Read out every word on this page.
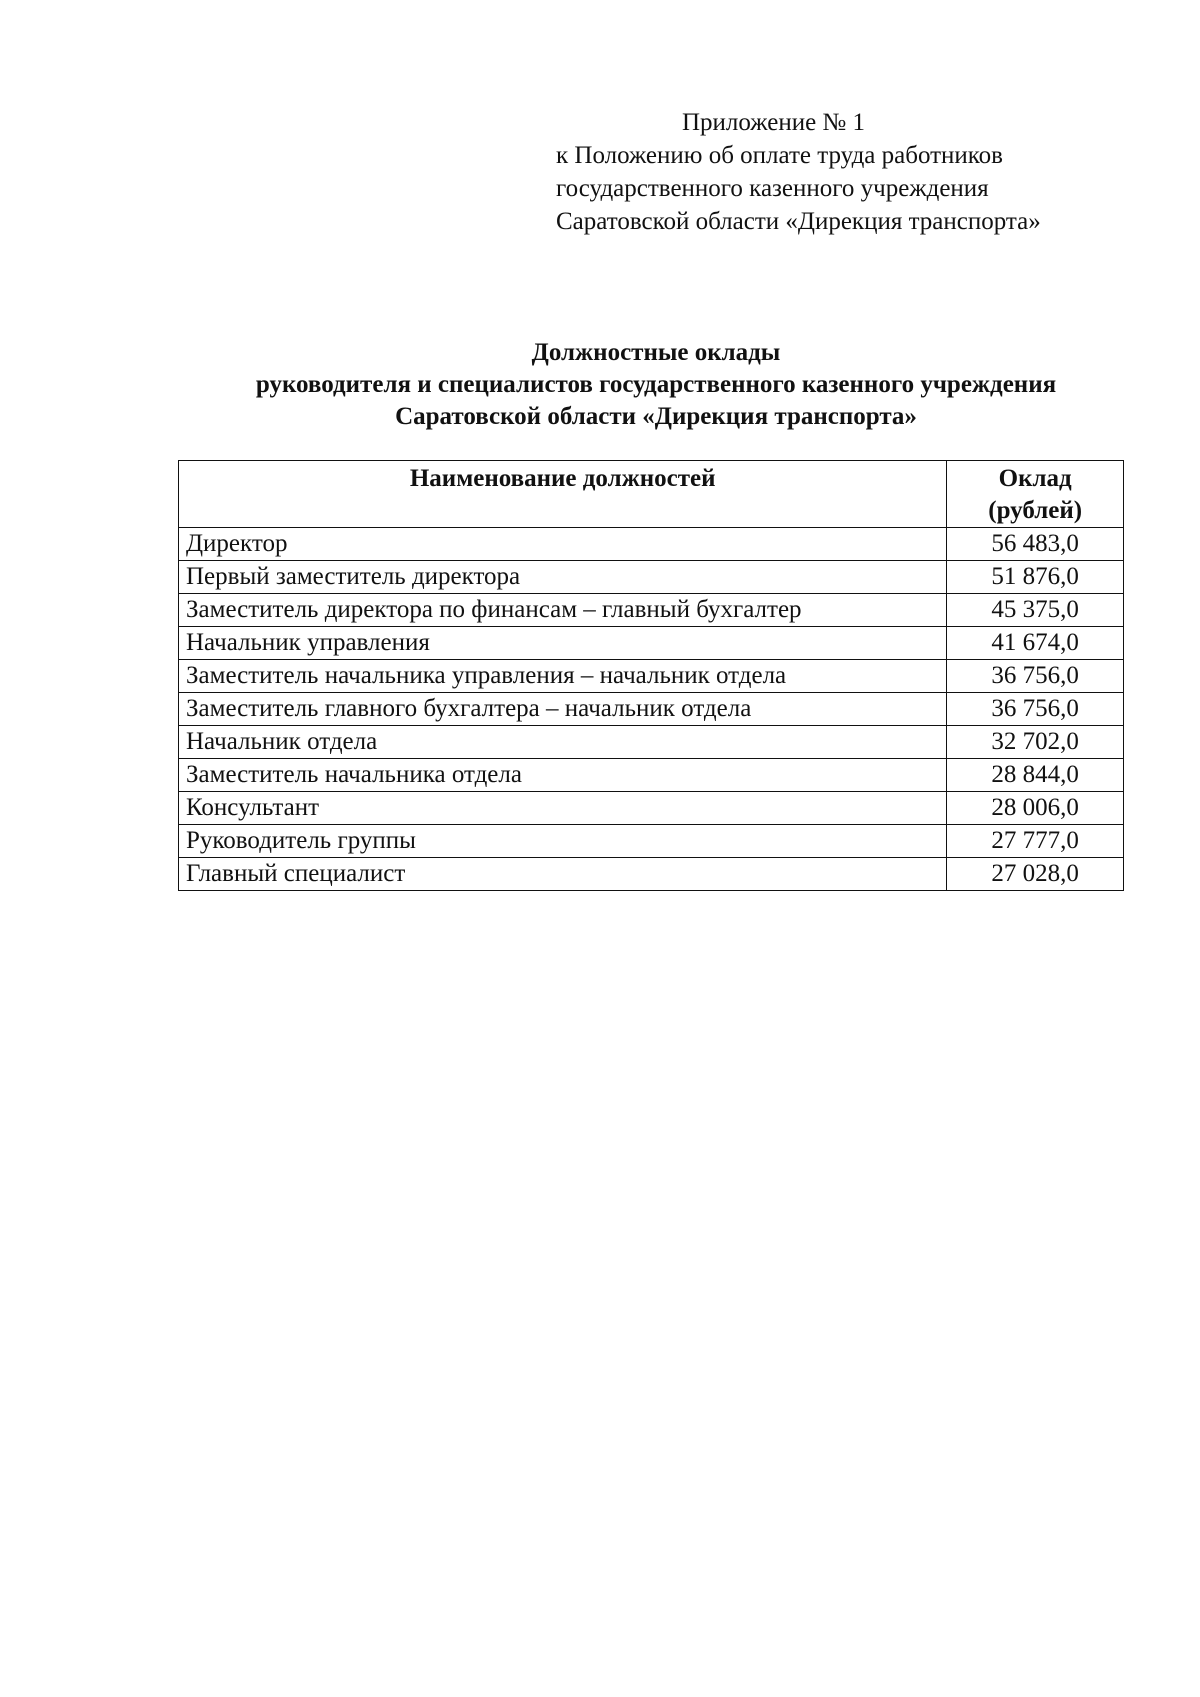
Приложение № 1
к Положению об оплате труда работников
государственного казенного учреждения
Саратовской области «Дирекция транспорта»
Должностные оклады
руководителя и специалистов государственного казенного учреждения
Саратовской области «Дирекция транспорта»
Наименование должностей	Оклад
(рублей)

Директор	56 483,0
Первый заместитель директора	51 876,0
Заместитель директора по финансам – главный бухгалтер	45 375,0
Начальник управления	41 674,0
Заместитель начальника управления – начальник отдела	36 756,0
Заместитель главного бухгалтера – начальник отдела	36 756,0
Начальник отдела	32 702,0
Заместитель начальника отдела	28 844,0
Консультант	28 006,0
Руководитель группы	27 777,0
Главный специалист	27 028,0
